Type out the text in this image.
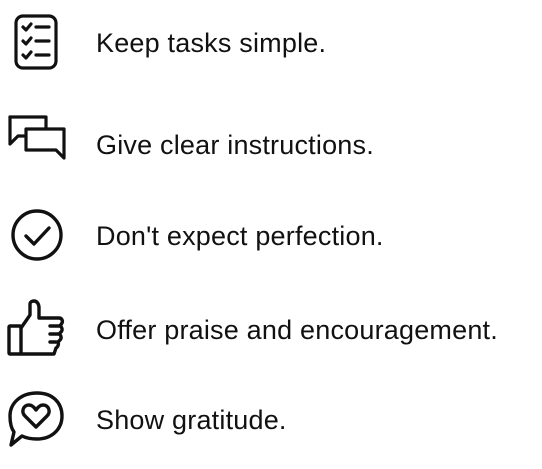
Keep tasks simple.
Give clear instructions.
Don't expect perfection.
Offer praise and encouragement.
Show gratitude.
